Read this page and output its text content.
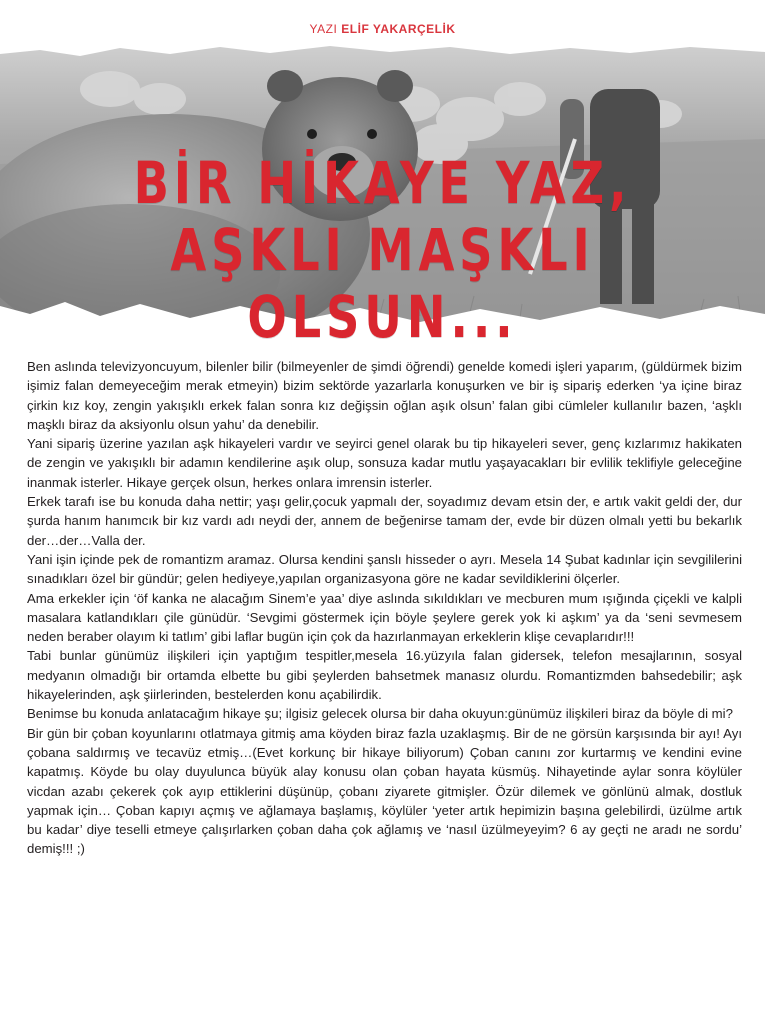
YAZI ELİF YAKARÇELİK
BİR HİKAYE YAZ,
AŞKLI MAŞKLI OLSUN...

Ben aslında televizyoncuyum, bilenler bilir (bilmeyenler de şimdi öğrendi) genelde komedi işleri yaparım, (güldürmek bizim işimiz falan demeyeceğim merak etmeyin) bizim sektörde yazarlarla konuşurken ve bir iş sipariş ederken ‘ya içine biraz çirkin kız koy, zengin yakışıklı erkek falan sonra kız değişsin oğlan aşık olsun’ falan gibi cümleler kullanılır bazen, ‘aşklı maşklı biraz da aksiyonlu olsun yahu’ da denebilir.

Yani sipariş üzerine yazılan aşk hikayeleri vardır ve seyirci genel olarak bu tip hikayeleri sever, genç kızlarımız hakikaten de zengin ve yakışıklı bir adamın kendilerine aşık olup, sonsuza kadar mutlu yaşayacakları bir evlilik teklifiyle geleceğine inanmak isterler. Hikaye gerçek olsun, herkes onlara imrensin isterler.

Erkek tarafı ise bu konuda daha nettir; yaşı gelir,çocuk yapmalı der, soyadımız devam etsin der, e artık vakit geldi der, dur şurda hanım hanımcık bir kız vardı adı neydi der, annem de beğenirse tamam der, evde bir düzen olmalı yetti bu bekarlık der…der…Valla der.

Yani işin içinde pek de romantizm aramaz. Olursa kendini şanslı hisseder o ayrı. Mesela 14 Şubat kadınlar için sevgililerini sınadıkları özel bir gündür; gelen hediyeye,yapılan organizasyona göre ne kadar sevildiklerini ölçerler.

Ama erkekler için ‘öf kanka ne alacağım Sinem’e yaa’ diye aslında sıkıldıkları ve mecburen mum ışığında çiçekli ve kalpli masalara katlandıkları çile günüdür. ‘Sevgimi göstermek için böyle şeylere gerek yok ki aşkım’ ya da ‘seni sevmesem neden beraber olayım ki tatlım’ gibi laflar bugün için çok da hazırlanmayan erkeklerin klişe cevaplarıdır!!!

Tabi bunlar günümüz ilişkileri için yaptığım tespitler,mesela 16.yüzyıla falan gidersek, telefon mesajlarının, sosyal medyanın olmadığı bir ortamda elbette bu gibi şeylerden bahsetmek manasız olurdu. Romantizmden bahsedebilir; aşk hikayelerinden, aşk şiirlerinden, bestelerden konu açabilirdik.

Benimse bu konuda anlatacağım hikaye şu; ilgisiz gelecek olursa bir daha okuyun:günümüz ilişkileri biraz da böyle di mi?

Bir gün bir çoban koyunlarını otlatmaya gitmiş ama köyden biraz fazla uzaklaşmış. Bir de ne görsün karşısında bir ayı! Ayı çobana saldırmış ve tecavüz etmiş…(Evet korkunç bir hikaye biliyorum) Çoban canını zor kurtarmış ve kendini evine kapatmış. Köyde bu olay duyulunca büyük alay konusu olan çoban hayata küsmüş. Nihayetinde aylar sonra köylüler vicdan azabı çekerek çok ayıp ettiklerini düşünüp, çobanı ziyarete gitmişler. Özür dilemek ve gönlünü almak, dostluk yapmak için… Çoban kapıyı açmış ve ağlamaya başlamış, köylüler ‘yeter artık hepimizin başına gelebilirdi, üzülme artık bu kadar’ diye teselli etmeye çalışırlarken çoban daha çok ağlamış ve ‘nasıl üzülmeyeyim? 6 ay geçti ne aradı ne sordu’ demiş!!! ;)
